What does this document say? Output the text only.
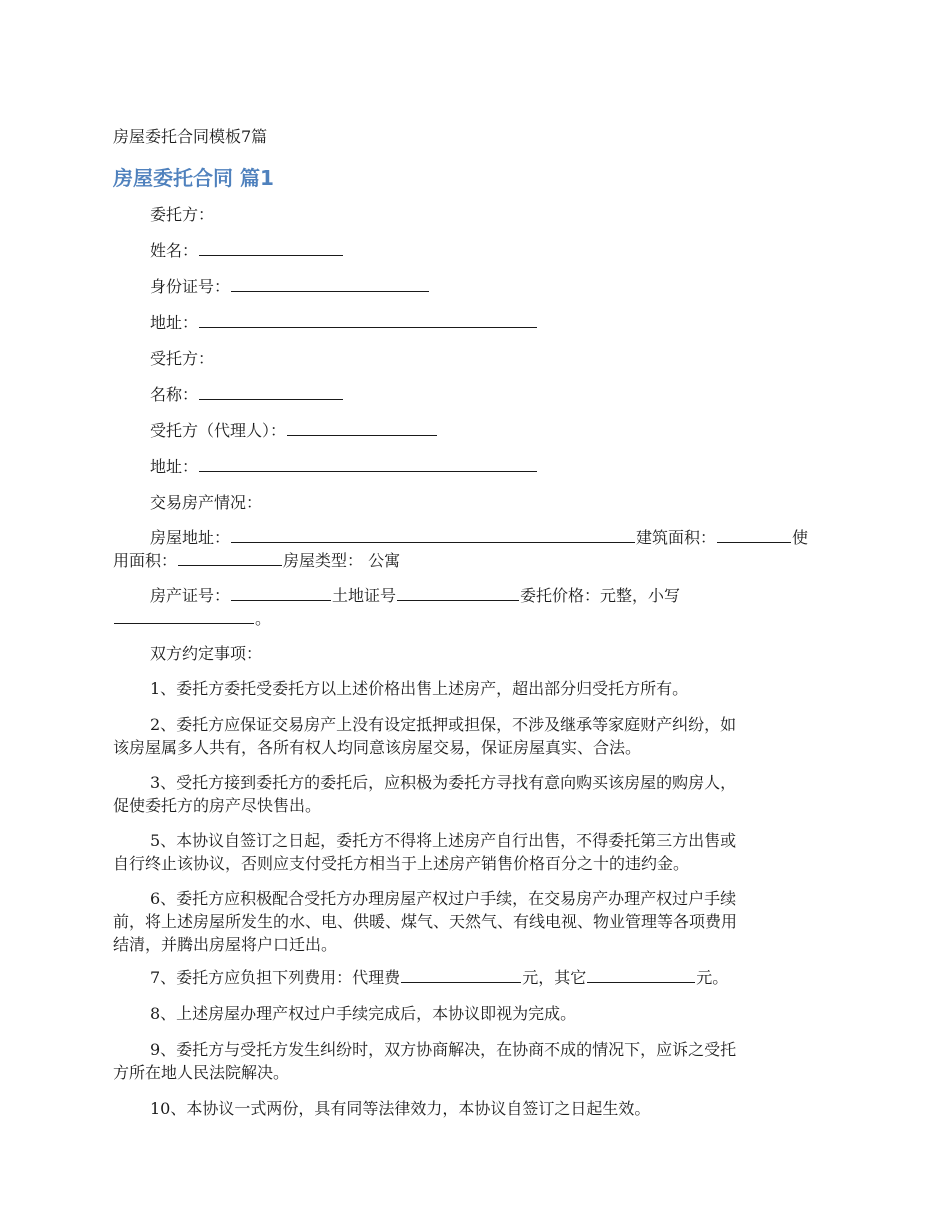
房屋委托合同模板7篇
房屋委托合同 篇1
委托方：
姓名：
身份证号：
地址：
受托方：
名称：
受托方（代理人）：
地址：
交易房产情况：
房屋地址：	建筑面积：	使
用面积：	房屋类型： 公寓
房产证号：	土地证号	委托价格：元整，小写
。
双方约定事项：
1、委托方委托受委托方以上述价格出售上述房产，超出部分归受托方所有。
2、委托方应保证交易房产上没有设定抵押或担保，不涉及继承等家庭财产纠纷，如
该房屋属多人共有，各所有权人均同意该房屋交易，保证房屋真实、合法。
3、受托方接到委托方的委托后，应积极为委托方寻找有意向购买该房屋的购房人，
促使委托方的房产尽快售出。
5、本协议自签订之日起，委托方不得将上述房产自行出售，不得委托第三方出售或
自行终止该协议，否则应支付受托方相当于上述房产销售价格百分之十的违约金。
6、委托方应积极配合受托方办理房屋产权过户手续，在交易房产办理产权过户手续
前，将上述房屋所发生的水、电、供暖、煤气、天然气、有线电视、物业管理等各项费用
结清，并腾出房屋将户口迁出。
7、委托方应负担下列费用：代理费	元，其它	元。
8、上述房屋办理产权过户手续完成后，本协议即视为完成。
9、委托方与受托方发生纠纷时，双方协商解决，在协商不成的情况下，应诉之受托
方所在地人民法院解决。
10、本协议一式两份，具有同等法律效力，本协议自签订之日起生效。
